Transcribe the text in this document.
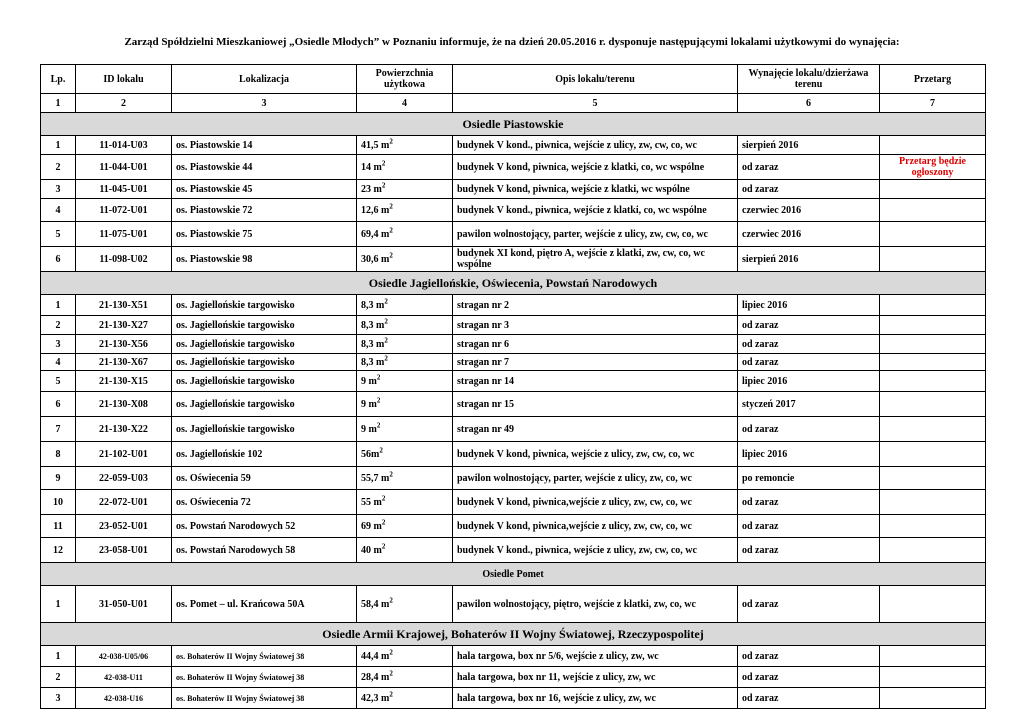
Zarząd Spółdzielni Mieszkaniowej „Osiedle Młodych” w Poznaniu informuje, że na dzień 20.05.2016 r. dysponuje następującymi lokalami użytkowymi do wynajęcia:
Lp.	ID lokalu	Lokalizacja	Powierzchnia użytkowa	Opis lokalu/terenu	Wynajęcie lokalu/dzierżawa terenu	Przetarg
1	2	3	4	5	6	7
Osiedle Piastowskie						
1	11-014-U03	os. Piastowskie 14	41,5 $m^2$	budynek V kond., piwnica, wejście z ulicy, zw, cw, co, wc	sierpień 2016	
2	11-044-U01	os. Piastowskie 44	14 $m^2$	budynek V kond, piwnica, wejście z klatki, co, wc wspólne	od zaraz	Przetarg będzie ogłoszony
3	11-045-U01	os. Piastowskie 45	23 $m^2$	budynek V kond, piwnica, wejście z klatki, wc wspólne	od zaraz	
4	11-072-U01	os. Piastowskie 72	12,6 $m^2$	budynek V kond., piwnica, wejście z klatki, co, wc wspólne	czerwiec 2016	
5	11-075-U01	os. Piastowskie 75	69,4 $m^2$	pawilon wolnostojący, parter, wejście z ulicy, zw, cw, co, wc	czerwiec 2016	
6	11-098-U02	os. Piastowskie 98	30,6 $m^2$	budynek XI kond, piętro A, wejście z klatki, zw, cw, co, wc wspólne	sierpień 2016	
Osiedle Jagiellońskie, Oświecenia, Powstań Narodowych						
1	21-130-X51	os. Jagiellońskie targowisko	8,3 $m^2$	stragan nr 2	lipiec 2016	
2	21-130-X27	os. Jagiellońskie targowisko	8,3 $m^2$	stragan nr 3	od zaraz	
3	21-130-X56	os. Jagiellońskie targowisko	8,3 $m^2$	stragan nr 6	od zaraz	
4	21-130-X67	os. Jagiellońskie targowisko	8,3 $m^2$	stragan nr 7	od zaraz	
5	21-130-X15	os. Jagiellońskie targowisko	9 $m^2$	stragan nr 14	lipiec 2016	
6	21-130-X08	os. Jagiellońskie targowisko	9 $m^2$	stragan nr 15	styczeń 2017	
7	21-130-X22	os. Jagiellońskie targowisko	9 $m^2$	stragan nr 49	od zaraz	
8	21-102-U01	os. Jagiellońskie 102	$56m^2$	budynek V kond, piwnica, wejście z ulicy, zw, cw, co, wc	lipiec 2016	
9	22-059-U03	os. Oświecenia 59	55,7 $m^2$	pawilon wolnostojący, parter, wejście z ulicy, zw, co, wc	po remoncie	
10	22-072-U01	os. Oświecenia 72	55 $m^2$	budynek V kond, piwnica,wejście z ulicy, zw, cw, co, wc	od zaraz	
11	23-052-U01	os. Powstań Narodowych 52	69 $m^2$	budynek V kond, piwnica,wejście z ulicy, zw, cw, co, wc	od zaraz	
12	23-058-U01	os. Powstań Narodowych 58	40 $m^2$	budynek V kond., piwnica, wejście z ulicy, zw, cw, co, wc	od zaraz	
Osiedle Pomet						
1	31-050-U01	os. Pomet – ul. Krańcowa 50A	58,4 $m^2$	pawilon wolnostojący, piętro, wejście z klatki, zw, co, wc	od zaraz	
Osiedle Armii Krajowej, Bohaterów II Wojny Światowej, Rzeczypospolitej						
1	42-038-U05/06	os. Bohaterów II Wojny Światowej 38	44,4 $m^2$	hala targowa, box nr 5/6, wejście z ulicy, zw, wc	od zaraz	
2	42-038-U11	os. Bohaterów II Wojny Światowej 38	28,4 $m^2$	hala targowa, box nr 11, wejście z ulicy, zw, wc	od zaraz	
3	42-038-U16	os. Bohaterów II Wojny Światowej 38	42,3 $m^2$	hala targowa, box nr 16, wejście z ulicy, zw, wc	od zaraz	
